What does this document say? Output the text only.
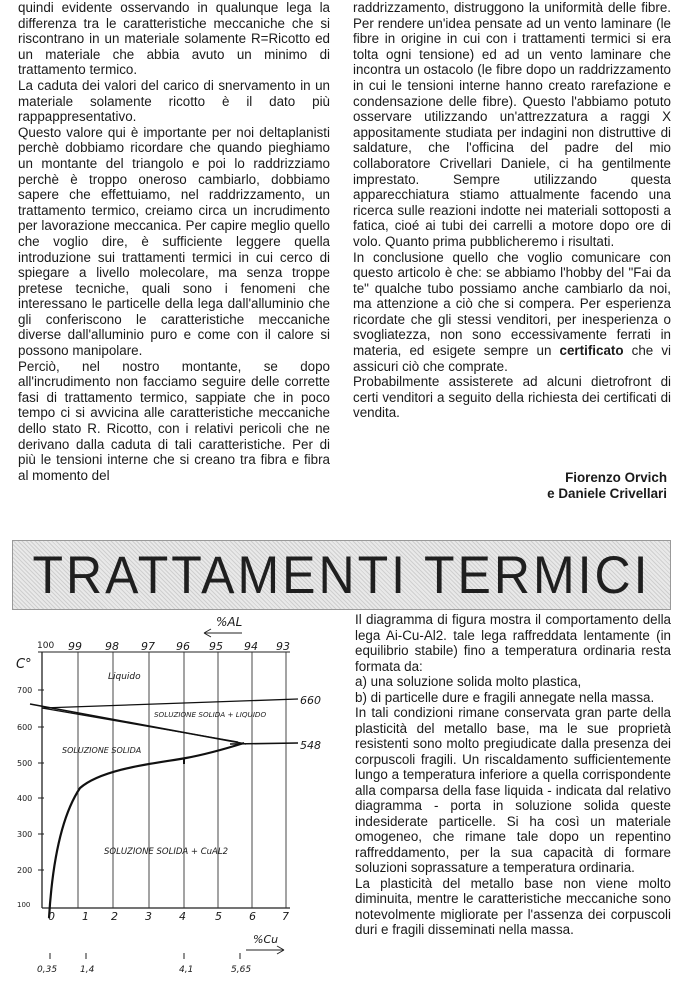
quindi evidente osservando in qualunque lega la differenza tra le caratteristiche meccaniche che si riscontrano in un materiale solamente R=Ricotto ed un materiale che abbia avuto un minimo di trattamento termico.

La caduta dei valori del carico di snervamento in un materiale solamente ricotto è il dato più rappappresentativo.

Questo valore qui è importante per noi deltaplanisti perchè dobbiamo ricordare che quando pieghiamo un montante del triangolo e poi lo raddrizziamo perchè è troppo oneroso cambiarlo, dobbiamo sapere che effettuiamo, nel raddrizzamento, un trattamento termico, creiamo circa un incrudimento per lavorazione meccanica. Per capire meglio quello che voglio dire, è sufficiente leggere quella introduzione sui trattamenti termici in cui cerco di spiegare a livello molecolare, ma senza troppe pretese tecniche, quali sono i fenomeni che interessano le particelle della lega dall'alluminio che gli conferiscono le caratteristiche meccaniche diverse dall'alluminio puro e come con il calore si possono manipolare.

Perciò, nel nostro montante, se dopo all'incrudimento non facciamo seguire delle corrette fasi di trattamento termico, sappiate che in poco tempo ci si avvicina alle caratteristiche meccaniche dello stato R. Ricotto, con i relativi pericoli che ne derivano dalla caduta di tali caratteristiche. Per di più le tensioni interne che si creano tra fibra e fibra al momento del

raddrizzamento, distruggono la uniformità delle fibre. Per rendere un'idea pensate ad un vento laminare (le fibre in origine in cui con i trattamenti termici si era tolta ogni tensione) ed ad un vento laminare che incontra un ostacolo (le fibre dopo un raddrizzamento in cui le tensioni interne hanno creato rarefazione e condensazione delle fibre). Questo l'abbiamo potuto osservare utilizzando un'attrezzatura a raggi X appositamente studiata per indagini non distruttive di saldature, che l'officina del padre del mio collaboratore Crivellari Daniele, ci ha gentilmente imprestato. Sempre utilizzando questa apparecchiatura stiamo attualmente facendo una ricerca sulle reazioni indotte nei materiali sottoposti a fatica, cioé ai tubi dei carrelli a motore dopo ore di volo. Quanto prima pubblicheremo i risultati.

In conclusione quello che voglio comunicare con questo articolo è che: se abbiamo l'hobby del "Fai da te" qualche tubo possiamo anche cambiarlo da noi, ma attenzione a ciò che si compera. Per esperienza ricordate che gli stessi venditori, per inesperienza o svogliatezza, non sono eccessivamente ferrati in materia, ed esigete sempre un certificato che vi assicuri ciò che comprate.

Probabilmente assisterete ad alcuni dietrofront di certi venditori a seguito della richiesta dei certificati di vendita.

Fiorenzo Orvich
e Daniele Crivellari
TRATTAMENTI TERMICI
%AL
100 99 98 97 96 95 94 93
C°
700
600
500
400
300
200
100
660
548
Liquido
SOLUZIONE SOLIDA + LIQUIDO
SOLUZIONE SOLIDA
SOLUZIONE SOLIDA + CuAL2
0 1 2 3 4	5 6 7
%Cu
0,35	1,4	4,1	5,65

Il diagramma di figura mostra il comportamento della lega Ai-Cu-Al2. tale lega raffreddata lentamente (in equilibrio stabile) fino a temperatura ordinaria resta formata da:

a) una soluzione solida molto plastica,

b) di particelle dure e fragili annegate nella massa.

In tali condizioni rimane conservata gran parte della plasticità del metallo base, ma le sue proprietà resistenti sono molto pregiudicate dalla presenza dei corpuscoli fragili. Un riscaldamento sufficientemente lungo a temperatura inferiore a quella corrispondente alla comparsa della fase liquida - indicata dal relativo diagramma - porta in soluzione solida queste indesiderate particelle. Si ha così un materiale omogeneo, che rimane tale dopo un repentino raffreddamento, per la sua capacità di formare soluzioni soprassature a temperatura ordinaria.

La plasticità del metallo base non viene molto diminuita, mentre le caratteristiche meccaniche sono notevolmente migliorate per l'assenza dei corpuscoli duri e fragili disseminati nella massa.
